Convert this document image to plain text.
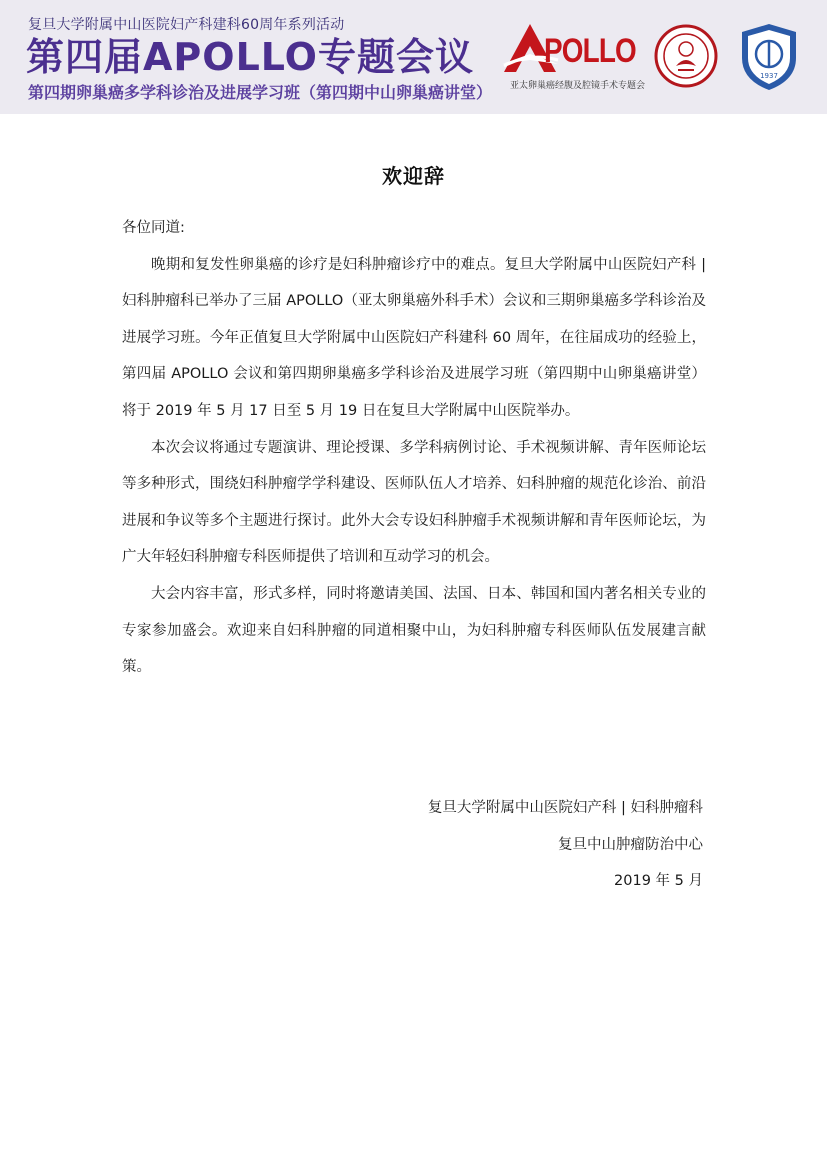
复旦大学附属中山医院妇产科建科60周年系列活动
第四届APOLLO专题会议
第四期卵巢癌多学科诊治及进展学习班（第四期中山卵巢癌讲堂）
POLLO
亚太卵巢癌经腹及腔镜手术专题会
1937
欢迎辞

各位同道:

晚期和复发性卵巢癌的诊疗是妇科肿瘤诊疗中的难点。复旦大学附属中山医院妇产科 | 妇科肿瘤科已举办了三届 APOLLO（亚太卵巢癌外科手术）会议和三期卵巢癌多学科诊治及进展学习班。今年正值复旦大学附属中山医院妇产科建科 60 周年，在往届成功的经验上，第四届 APOLLO 会议和第四期卵巢癌多学科诊治及进展学习班（第四期中山卵巢癌讲堂）将于 2019 年 5 月 17 日至 5 月 19 日在复旦大学附属中山医院举办。

本次会议将通过专题演讲、理论授课、多学科病例讨论、手术视频讲解、青年医师论坛等多种形式，围绕妇科肿瘤学学科建设、医师队伍人才培养、妇科肿瘤的规范化诊治、前沿进展和争议等多个主题进行探讨。此外大会专设妇科肿瘤手术视频讲解和青年医师论坛，为广大年轻妇科肿瘤专科医师提供了培训和互动学习的机会。

大会内容丰富，形式多样，同时将邀请美国、法国、日本、韩国和国内著名相关专业的专家参加盛会。欢迎来自妇科肿瘤的同道相聚中山，为妇科肿瘤专科医师队伍发展建言献策。

复旦大学附属中山医院妇产科 | 妇科肿瘤科
复旦中山肿瘤防治中心
2019 年 5 月
